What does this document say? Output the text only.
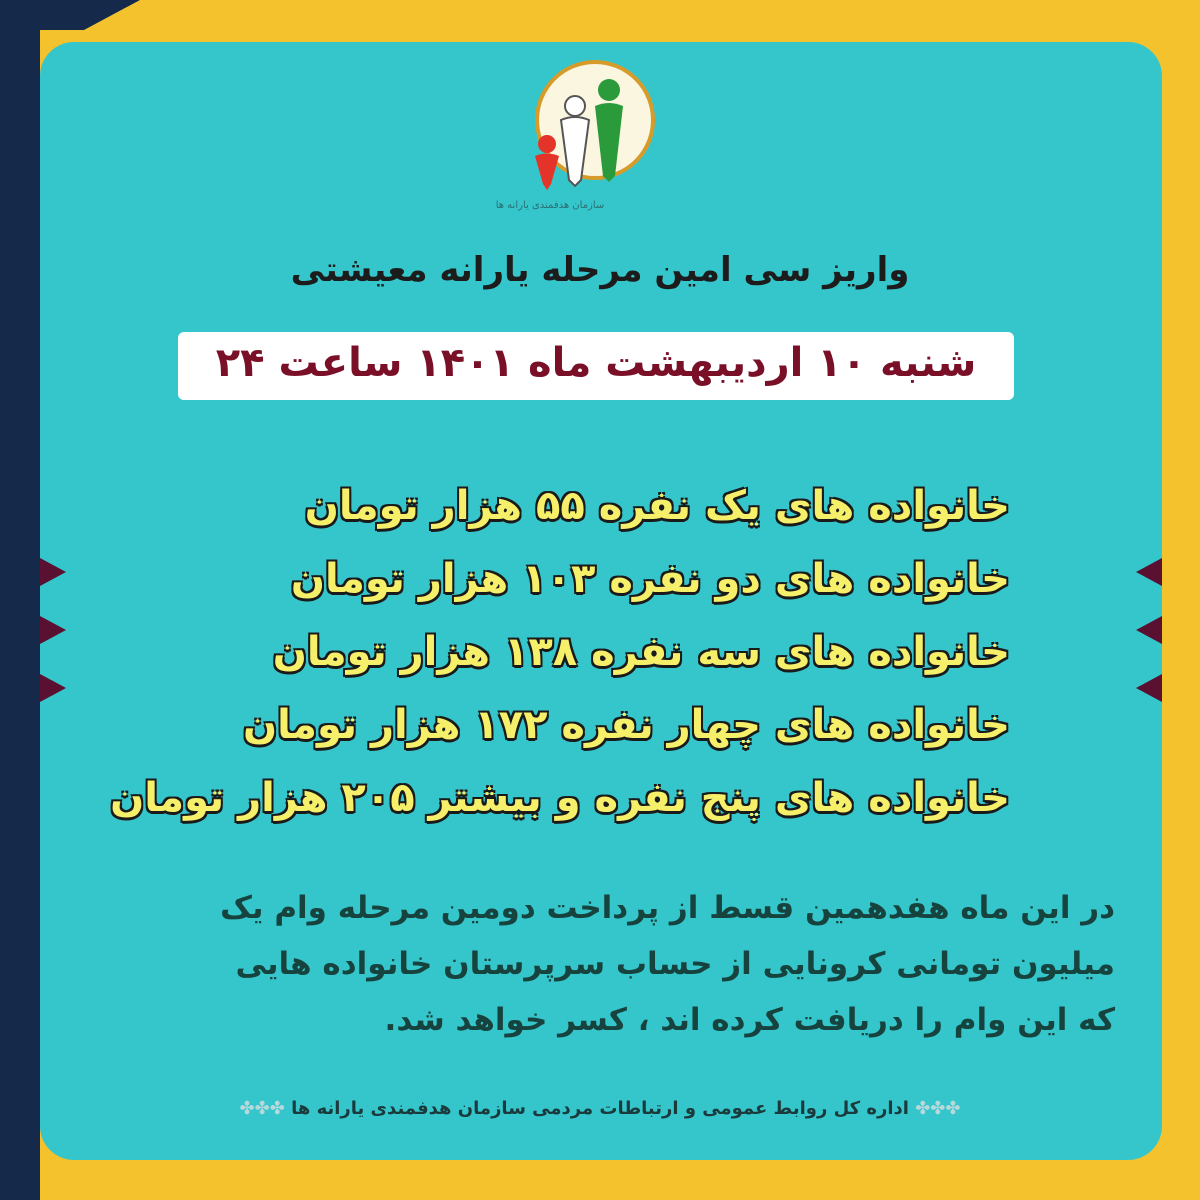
سازمان هدفمندی یارانه ها
واریز سی امین مرحله یارانه معیشتی
شنبه ۱۰ اردیبهشت ماه ۱۴۰۱ ساعت ۲۴
خانواده های یک نفره ۵۵ هزار تومان
خانواده های دو نفره ۱۰۳ هزار تومان
خانواده های سه نفره ۱۳۸ هزار تومان
خانواده های چهار نفره ۱۷۲ هزار تومان
خانواده های پنج نفره و بیشتر ۲۰۵ هزار تومان
در این ماه هفدهمین قسط از پرداخت دومین مرحله وام یک
میلیون تومانی کرونایی از حساب سرپرستان خانواده هایی
که این وام را دریافت کرده اند ، کسر خواهد شد.
✤✤✤ اداره کل روابط عمومی و ارتباطات مردمی سازمان هدفمندی یارانه ها ✤✤✤
